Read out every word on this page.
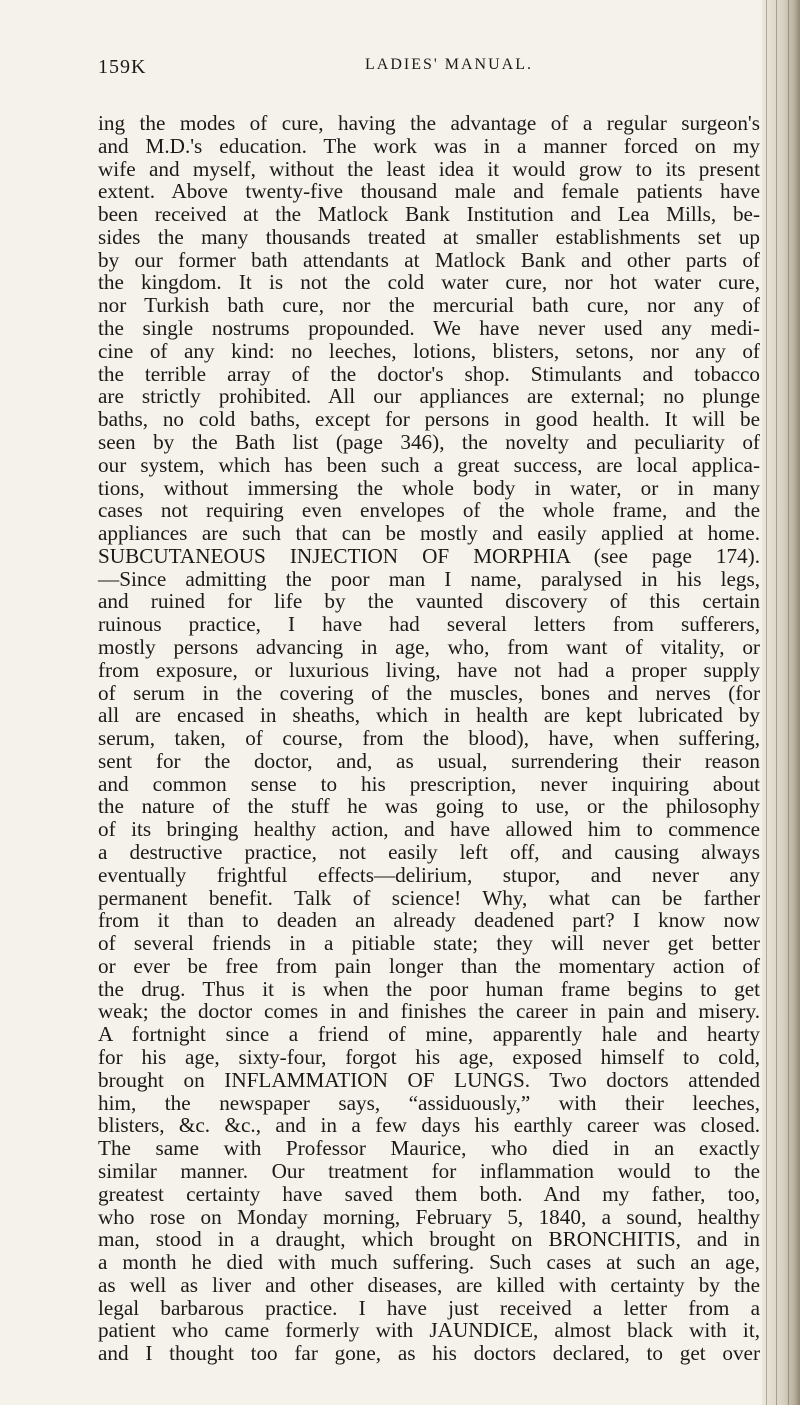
159K	LADIES' MANUAL.
ing the modes of cure, having the advantage of a regular surgeon's
and M.D.'s education. The work was in a manner forced on my
wife and myself, without the least idea it would grow to its present
extent. Above twenty-five thousand male and female patients have
been received at the Matlock Bank Institution and Lea Mills, be-
sides the many thousands treated at smaller establishments set up
by our former bath attendants at Matlock Bank and other parts of
the kingdom. It is not the cold water cure, nor hot water cure,
nor Turkish bath cure, nor the mercurial bath cure, nor any of
the single nostrums propounded. We have never used any medi-
cine of any kind: no leeches, lotions, blisters, setons, nor any of
the terrible array of the doctor's shop. Stimulants and tobacco
are strictly prohibited. All our appliances are external; no plunge
baths, no cold baths, except for persons in good health. It will be
seen by the Bath list (page 346), the novelty and peculiarity of
our system, which has been such a great success, are local applica-
tions, without immersing the whole body in water, or in many
cases not requiring even envelopes of the whole frame, and the
appliances are such that can be mostly and easily applied at home.
SUBCUTANEOUS INJECTION OF MORPHIA (see page 174).
—Since admitting the poor man I name, paralysed in his legs,
and ruined for life by the vaunted discovery of this certain
ruinous practice, I have had several letters from sufferers,
mostly persons advancing in age, who, from want of vitality, or
from exposure, or luxurious living, have not had a proper supply
of serum in the covering of the muscles, bones and nerves (for
all are encased in sheaths, which in health are kept lubricated by
serum, taken, of course, from the blood), have, when suffering,
sent for the doctor, and, as usual, surrendering their reason
and common sense to his prescription, never inquiring about
the nature of the stuff he was going to use, or the philosophy
of its bringing healthy action, and have allowed him to commence
a destructive practice, not easily left off, and causing always
eventually frightful effects—delirium, stupor, and never any
permanent benefit. Talk of science! Why, what can be farther
from it than to deaden an already deadened part? I know now
of several friends in a pitiable state; they will never get better
or ever be free from pain longer than the momentary action of
the drug. Thus it is when the poor human frame begins to get
weak; the doctor comes in and finishes the career in pain and misery.
A fortnight since a friend of mine, apparently hale and hearty
for his age, sixty-four, forgot his age, exposed himself to cold,
brought on INFLAMMATION OF LUNGS. Two doctors attended
him, the newspaper says, “assiduously,” with their leeches,
blisters, &c. &c., and in a few days his earthly career was closed.
The same with Professor Maurice, who died in an exactly
similar manner. Our treatment for inflammation would to the
greatest certainty have saved them both. And my father, too,
who rose on Monday morning, February 5, 1840, a sound, healthy
man, stood in a draught, which brought on BRONCHITIS, and in
a month he died with much suffering. Such cases at such an age,
as well as liver and other diseases, are killed with certainty by the
legal barbarous practice. I have just received a letter from a
patient who came formerly with JAUNDICE, almost black with it,
and I thought too far gone, as his doctors declared, to get over
